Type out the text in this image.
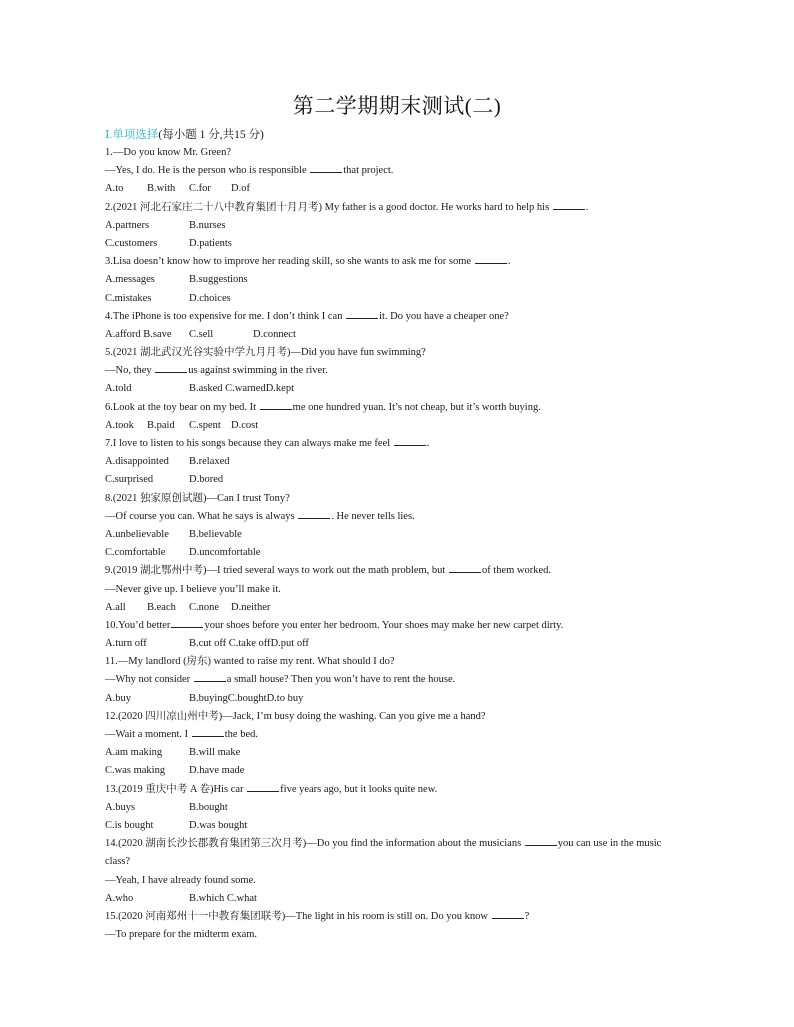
第二学期期末测试(二)
Ⅰ.单项选择(每小题 1 分,共15 分)
1.—Do you know Mr. Green?
—Yes, I do. He is the person who is responsible	that project.
A.to B.with C.for D.of
2.(2021 河北石家庄二十八中教育集团十月月考) My father is a good doctor. He works hard to help his	.
A.partners	B.nurses
C.customers	D.patients
3.Lisa doesn’t know how to improve her reading skill, so she wants to ask me for some	.
A.messages	B.suggestions
C.mistakes	D.choices
4.The iPhone is too expensive for me. I don’t think I can	it. Do you have a cheaper one?
A.afford B.save C.sell	D.connect
5.(2021 湖北武汉光谷实验中学九月月考)—Did you have fun swimming?
—No, they	us against swimming in the river.
A.told	B.asked C.warnedD.kept
6.Look at the toy bear on my bed. It	me one hundred yuan. It’s not cheap, but it’s worth buying.
A.took B.paid C.spent D.cost
7.I love to listen to his songs because they can always make me feel	.
A.disappointed B.relaxed
C.surprised	D.bored
8.(2021 独家原创试题)—Can I trust Tony?
—Of course you can. What he says is always	. He never tells lies.
A.unbelievable B.believable
C.comfortable D.uncomfortable
9.(2019 湖北鄂州中考)—I tried several ways to work out the math problem, but	of them worked.
—Never give up. I believe you’ll make it.
A.all B.each C.none D.neither
10.You’d better	your shoes before you enter her bedroom. Your shoes may make her new carpet dirty.
A.turn off	B.cut off C.take offD.put off
11.—My landlord (房东) wanted to raise my rent. What should I do?
—Why not consider	a small house? Then you won’t have to rent the house.
A.buy	B.buyingC.boughtD.to buy
12.(2020 四川凉山州中考)—Jack, I’m busy doing the washing. Can you give me a hand?
—Wait a moment. I	the bed.
A.am making	B.will make
C.was making D.have made
13.(2019 重庆中考 A 卷)His car	five years ago, but it looks quite new.
A.buys	B.bought
C.is bought	D.was bought
14.(2020 湖南长沙长郡教育集团第三次月考)—Do you find the information about the musicians	you can use in the music
class?
—Yeah, I have already found some.
A.who	B.which C.what
15.(2020 河南郑州十一中教育集团联考)—The light in his room is still on. Do you know	?
—To prepare for the midterm exam.
